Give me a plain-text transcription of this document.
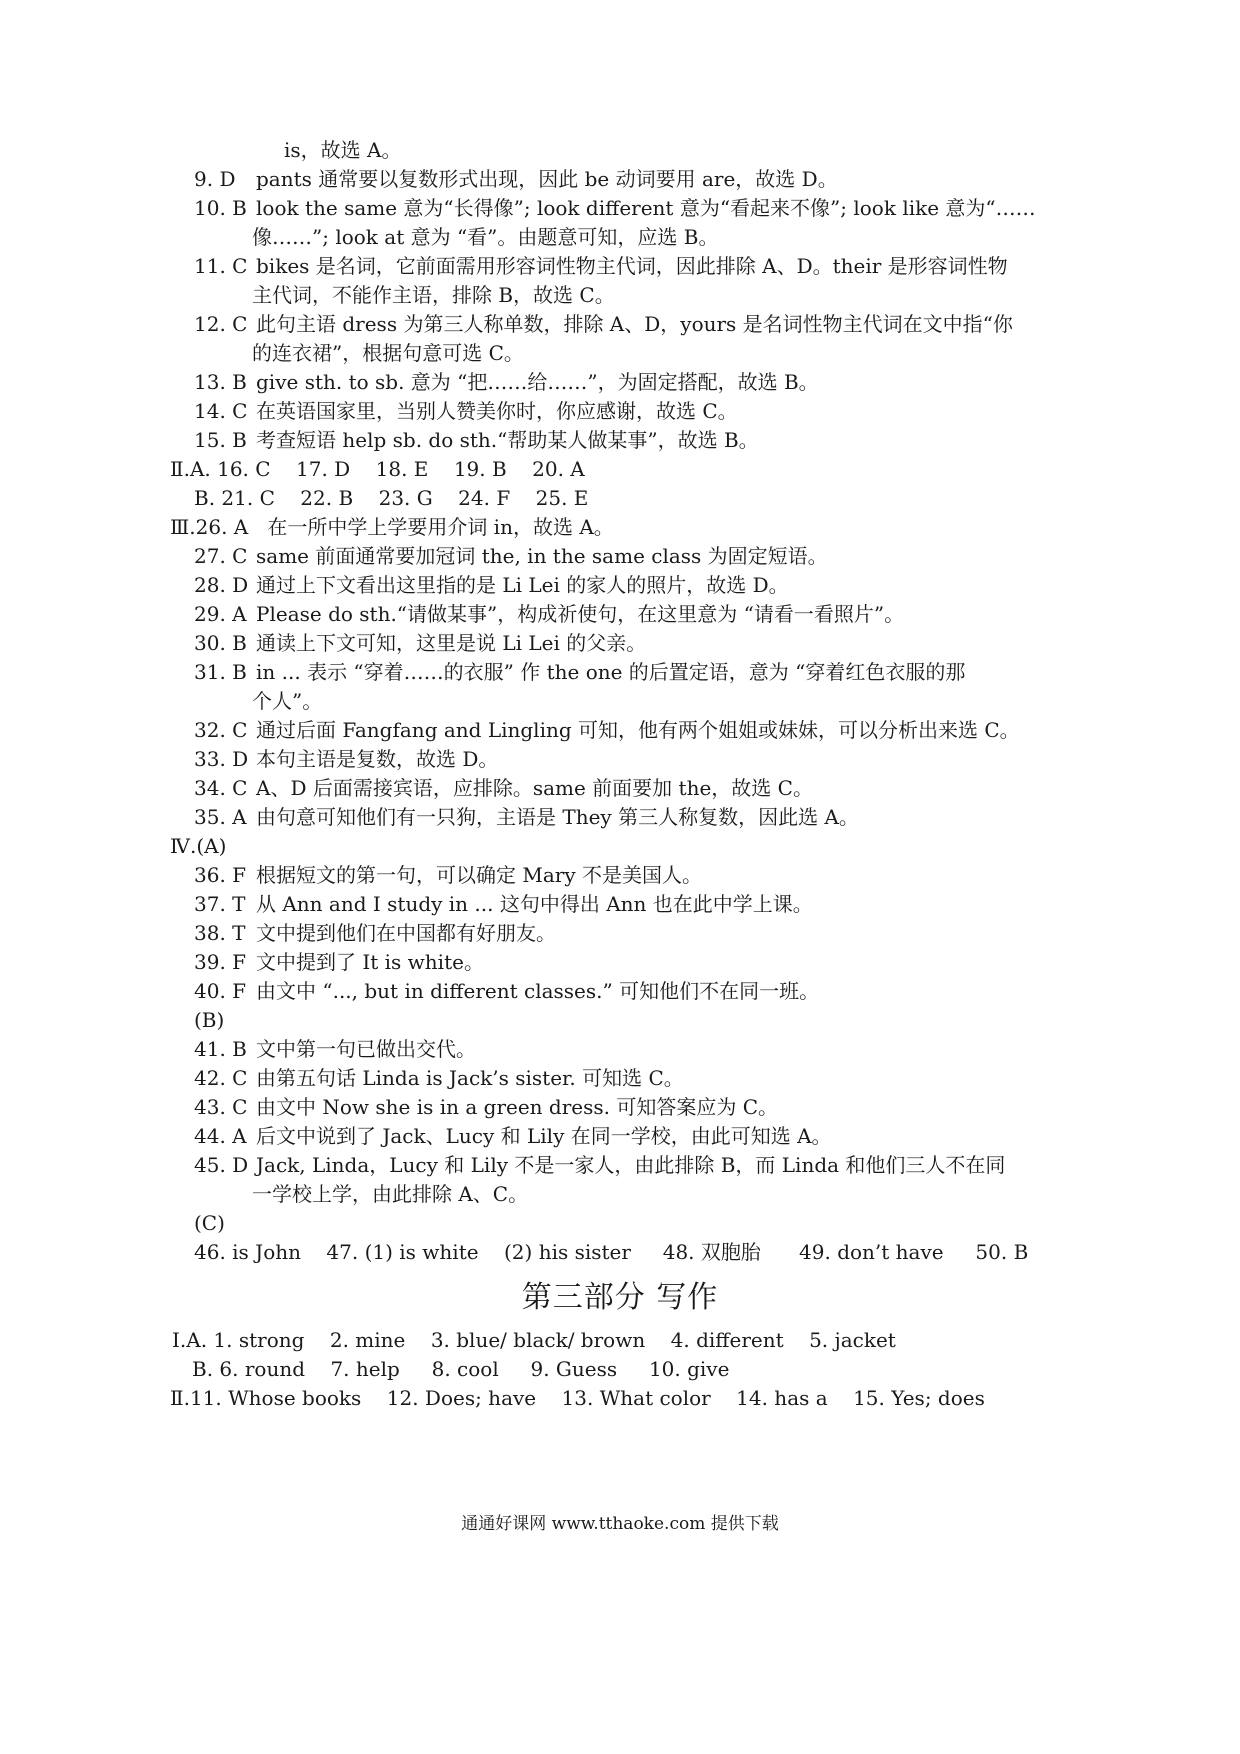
is，故选 A。
9. D pants 通常要以复数形式出现，因此 be 动词要用 are，故选 D。
10. B look the same 意为“长得像”; look different 意为“看起来不像”; look like 意为“……
像……”; look at 意为 “看”。由题意可知，应选 B。
11. C bikes 是名词，它前面需用形容词性物主代词，因此排除 A、D。their 是形容词性物
主代词，不能作主语，排除 B，故选 C。
12. C 此句主语 dress 为第三人称单数，排除 A、D，yours 是名词性物主代词在文中指“你
的连衣裙”，根据句意可选 C。
13. B give sth. to sb. 意为 “把……给……”，为固定搭配，故选 B。
14. C 在英语国家里，当别人赞美你时，你应感谢，故选 C。
15. B 考查短语 help sb. do sth.“帮助某人做某事”，故选 B。
Ⅱ.A. 16. C    17. D    18. E    19. B    20. A
B. 21. C    22. B    23. G    24. F    25. E
Ⅲ.26. A   在一所中学上学要用介词 in，故选 A。
27. C same 前面通常要加冠词 the, in the same class 为固定短语。
28. D 通过上下文看出这里指的是 Li Lei 的家人的照片，故选 D。
29. A Please do sth.“请做某事”，构成祈使句，在这里意为 “请看一看照片”。
30. B 通读上下文可知，这里是说 Li Lei 的父亲。
31. B in ... 表示 “穿着……的衣服” 作 the one 的后置定语，意为 “穿着红色衣服的那
个人”。
32. C 通过后面 Fangfang and Lingling 可知，他有两个姐姐或妹妹，可以分析出来选 C。
33. D 本句主语是复数，故选 D。
34. C A、D 后面需接宾语，应排除。same 前面要加 the，故选 C。
35. A 由句意可知他们有一只狗，主语是 They 第三人称复数，因此选 A。
Ⅳ.(A)
36. F 根据短文的第一句，可以确定 Mary 不是美国人。
37. T 从 Ann and I study in ... 这句中得出 Ann 也在此中学上课。
38. T 文中提到他们在中国都有好朋友。
39. F 文中提到了 It is white。
40. F 由文中 “..., but in different classes.” 可知他们不在同一班。
(B)
41. B 文中第一句已做出交代。
42. C 由第五句话 Linda is Jack’s sister. 可知选 C。
43. C 由文中 Now she is in a green dress. 可知答案应为 C。
44. A 后文中说到了 Jack、Lucy 和 Lily 在同一学校，由此可知选 A。
45. D Jack, Linda，Lucy 和 Lily 不是一家人，由此排除 B，而 Linda 和他们三人不在同
一学校上学，由此排除 A、C。
(C)
46. is John    47. (1) is white    (2) his sister     48. 双胞胎      49. don’t have     50. B
第三部分 写作
Ⅰ.A. 1. strong    2. mine    3. blue/ black/ brown    4. different    5. jacket
B. 6. round    7. help     8. cool     9. Guess     10. give
Ⅱ.11. Whose books    12. Does; have    13. What color    14. has a    15. Yes; does
通通好课网 www.tthaoke.com 提供下载
